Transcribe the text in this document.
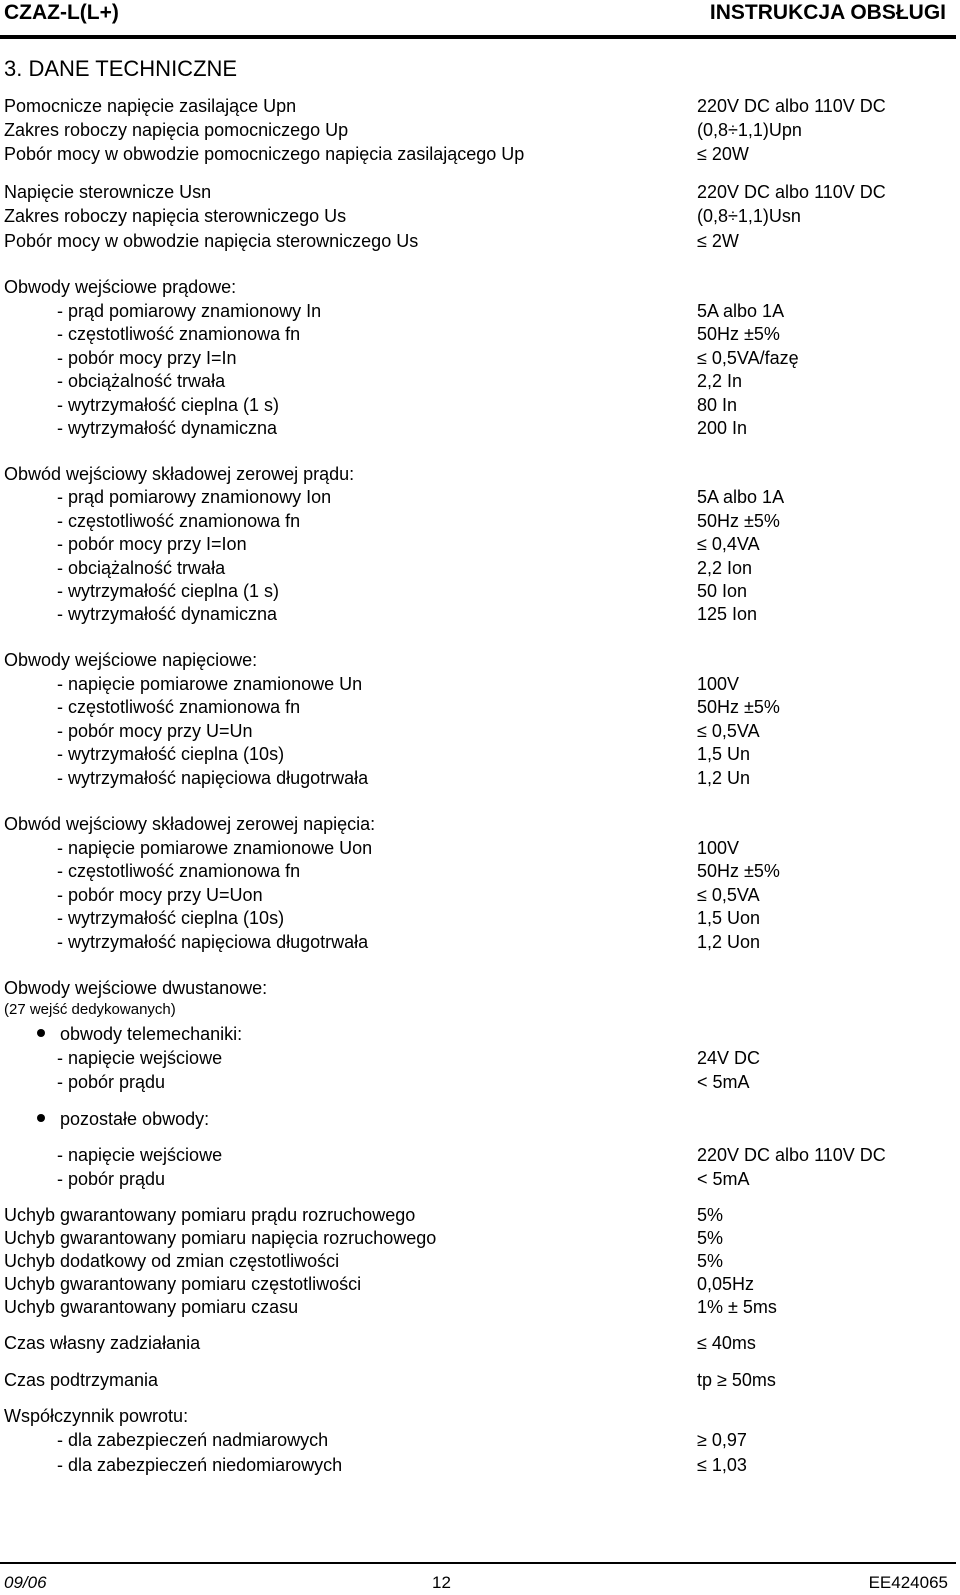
CZAZ-L(L+)	INSTRUKCJA OBSŁUGI
3. DANE TECHNICZNE
Pomocnicze napięcie zasilające Upn	220V DC albo 110V DC
Zakres roboczy napięcia pomocniczego Up	(0,8÷1,1)Upn
Pobór mocy w obwodzie pomocniczego napięcia zasilającego Up	≤ 20W
Napięcie sterownicze Usn	220V DC albo 110V DC
Zakres roboczy napięcia sterowniczego Us	(0,8÷1,1)Usn
Pobór mocy w obwodzie napięcia sterowniczego Us	≤ 2W
Obwody wejściowe prądowe:
- prąd pomiarowy znamionowy In	5A albo 1A
- częstotliwość znamionowa fn	50Hz ±5%
- pobór mocy przy I=In	≤ 0,5VA/fazę
- obciążalność trwała	2,2 In
- wytrzymałość cieplna (1 s)	80 In
- wytrzymałość dynamiczna	200 In
Obwód wejściowy składowej zerowej prądu:
- prąd pomiarowy znamionowy Ion	5A albo 1A
- częstotliwość znamionowa fn	50Hz ±5%
- pobór mocy przy I=Ion	≤ 0,4VA
- obciążalność trwała	2,2 Ion
- wytrzymałość cieplna (1 s)	50 Ion
- wytrzymałość dynamiczna	125 Ion
Obwody wejściowe napięciowe:
- napięcie pomiarowe znamionowe Un	100V
- częstotliwość znamionowa fn	50Hz ±5%
- pobór mocy przy U=Un	≤ 0,5VA
- wytrzymałość cieplna (10s)	1,5 Un
- wytrzymałość napięciowa długotrwała	1,2 Un
Obwód wejściowy składowej zerowej napięcia:
- napięcie pomiarowe znamionowe Uon	100V
- częstotliwość znamionowa fn	50Hz ±5%
- pobór mocy przy U=Uon	≤ 0,5VA
- wytrzymałość cieplna (10s)	1,5 Uon
- wytrzymałość napięciowa długotrwała	1,2 Uon
Obwody wejściowe dwustanowe:
(27 wejść dedykowanych)
obwody telemechaniki:
- napięcie wejściowe	24V DC
- pobór prądu	< 5mA
pozostałe obwody:
- napięcie wejściowe	220V DC albo 110V DC
- pobór prądu	< 5mA
Uchyb gwarantowany pomiaru prądu rozruchowego	5%
Uchyb gwarantowany pomiaru napięcia rozruchowego	5%
Uchyb dodatkowy od zmian częstotliwości	5%
Uchyb gwarantowany pomiaru częstotliwości	0,05Hz
Uchyb gwarantowany pomiaru czasu	1% ± 5ms
Czas własny zadziałania	≤ 40ms
Czas podtrzymania	tp ≥ 50ms
Współczynnik powrotu:
- dla zabezpieczeń nadmiarowych	≥ 0,97
- dla zabezpieczeń niedomiarowych	≤ 1,03
09/06	12	EE424065
